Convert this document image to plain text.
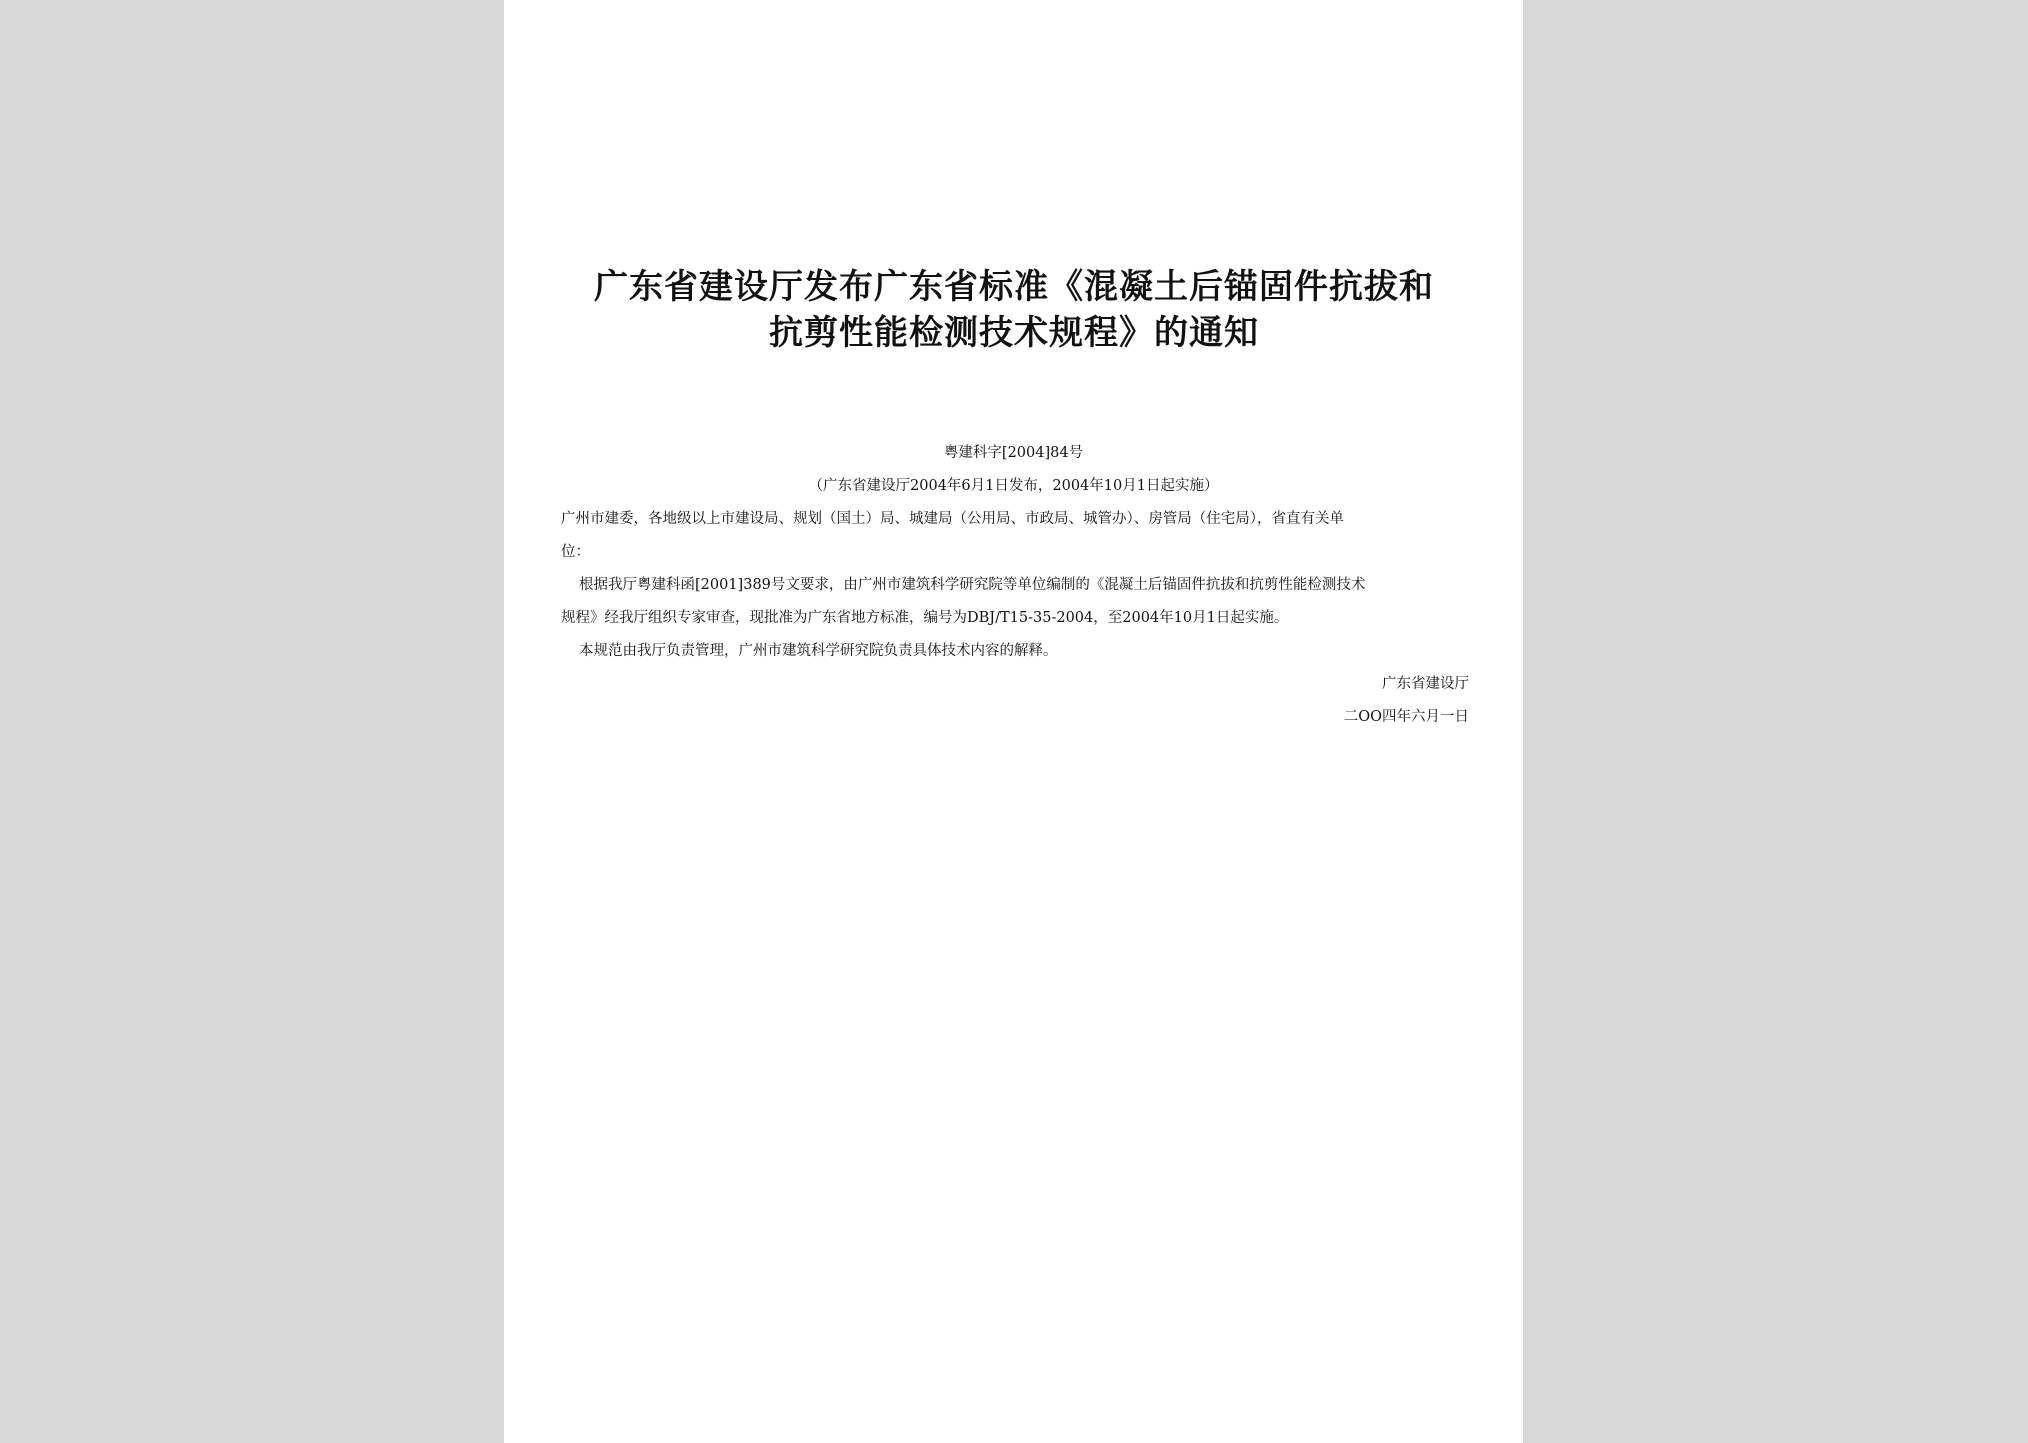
广东省建设厅发布广东省标准《混凝土后锚固件抗拔和
抗剪性能检测技术规程》的通知
粤建科字[2004]84号
（广东省建设厅2004年6月1日发布，2004年10月1日起实施）
广州市建委，各地级以上市建设局、规划（国土）局、城建局（公用局、市政局、城管办）、房管局（住宅局），省直有关单
位：
根据我厅粤建科函[2001]389号文要求，由广州市建筑科学研究院等单位编制的《混凝土后锚固件抗拔和抗剪性能检测技术
规程》经我厅组织专家审查，现批准为广东省地方标准，编号为DBJ/T15-35-2004，至2004年10月1日起实施。
本规范由我厅负责管理，广州市建筑科学研究院负责具体技术内容的解释。
广东省建设厅
二OO四年六月一日
